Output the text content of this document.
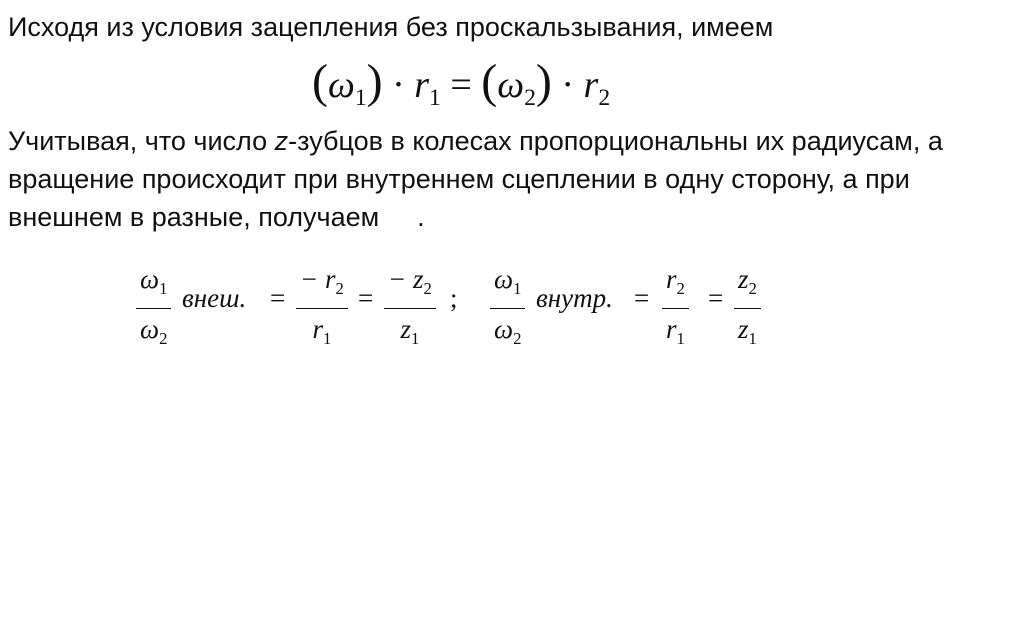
Исходя из условия зацепления без проскальзывания, имеем
$(\omega_1) \cdot r_1 = (\omega_2) \cdot r_2$
Учитывая, что число z-зубцов в колесах пропорциональны их радиусам, а вращение происходит при внутреннем сцеплении в одну сторону, а при внешнем в разные, получаем .
$\omega_1$
$\omega_2$
внеш. =
− $r_2$
$r_1$
=
− $z_2$
$z_1$
;
$\omega_1$
$\omega_2$
внутр. =
$r_2$
$r_1$
=
$z_2$
$z_1$
